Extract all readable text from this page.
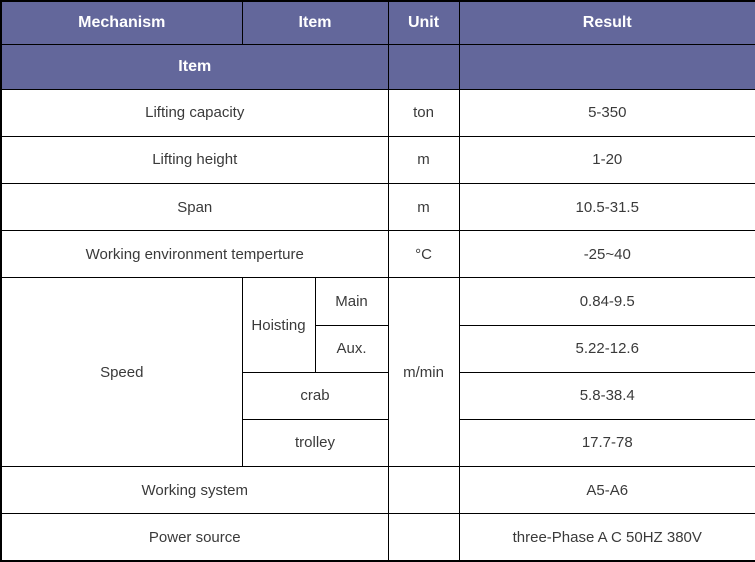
Mechanism	Item		Unit	Result
Item				
Lifting capacity			ton	5-350
Lifting height			m	1-20
Span			m	10.5-31.5
Working environment temperture			°C	-25~40
Speed	Hoisting	Main	m/min	0.84-9.5
		Aux.		5.22-12.6
	crab			5.8-38.4
	trolley			17.7-78
Working system				A5-A6
Power source				three-Phase A C 50HZ 380V
